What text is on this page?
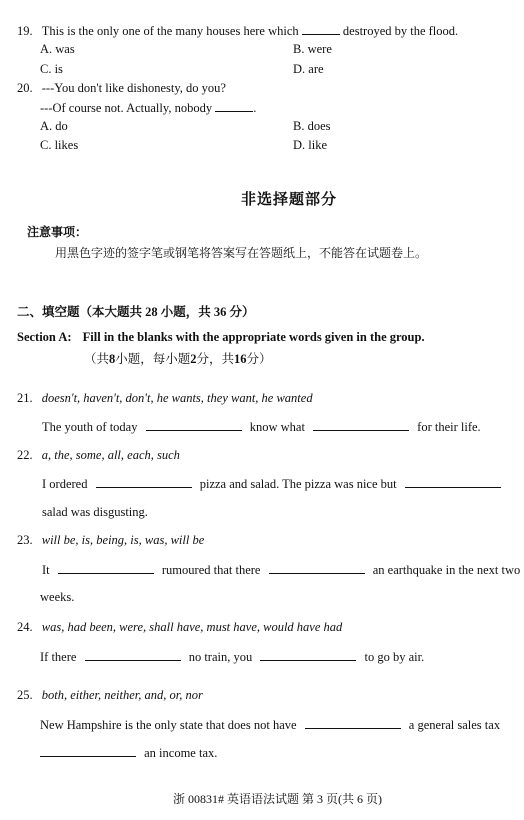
19. This is the only one of the many houses here which	destroyed by the flood.
A. was	B. were
C. is	D. are
20. ---You don't like dishonesty, do you?
---Of course not. Actually, nobody	.
A. do	B. does
C. likes	D. like
非选择题部分
注意事项：
用黑色字迹的签字笔或钢笔将答案写在答题纸上，不能答在试题卷上。
二、填空题（本大题共 28 小题，共 36 分）
Section A: Fill in the blanks with the appropriate words given in the group.
（共8小题，每小题2分，共16分）
21. doesn't, haven't, don't, he wants, they want, he wanted
The youth of today	know what	for their life.
22. a, the, some, all, each, such
I ordered	pizza and salad. The pizza was nice but
salad was disgusting.
23. will be, is, being, is, was, will be
It	rumoured that there	an earthquake in the next two
weeks.
24. was, had been, were, shall have, must have, would have had
If there	no train, you	to go by air.
25. both, either, neither, and, or, nor
New Hampshire is the only state that does not have	a general sales tax
an income tax.
浙 00831# 英语语法试题 第 3 页(共 6 页)
